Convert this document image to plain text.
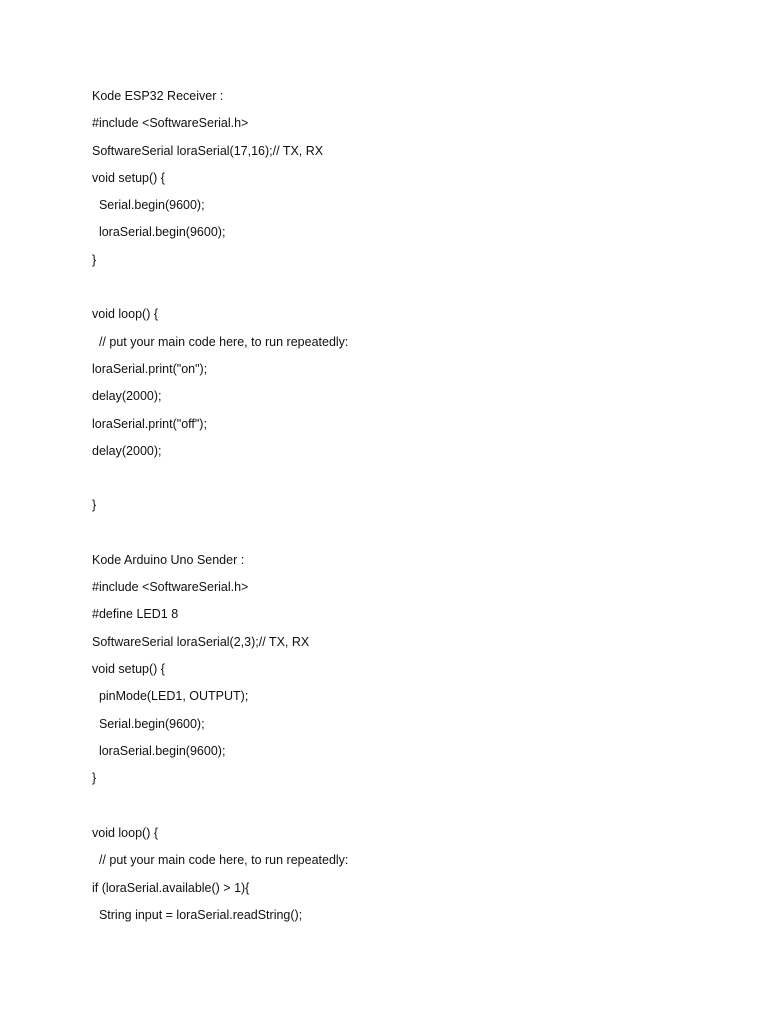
Kode ESP32 Receiver :
#include <SoftwareSerial.h>
SoftwareSerial loraSerial(17,16);// TX, RX
void setup() {
Serial.begin(9600);
loraSerial.begin(9600);
}
void loop() {
// put your main code here, to run repeatedly:
loraSerial.print("on");
delay(2000);
loraSerial.print("off");
delay(2000);
}
Kode Arduino Uno Sender :
#include <SoftwareSerial.h>
#define LED1 8
SoftwareSerial loraSerial(2,3);// TX, RX
void setup() {
pinMode(LED1, OUTPUT);
Serial.begin(9600);
loraSerial.begin(9600);
}
void loop() {
// put your main code here, to run repeatedly:
if (loraSerial.available() > 1){
String input = loraSerial.readString();
